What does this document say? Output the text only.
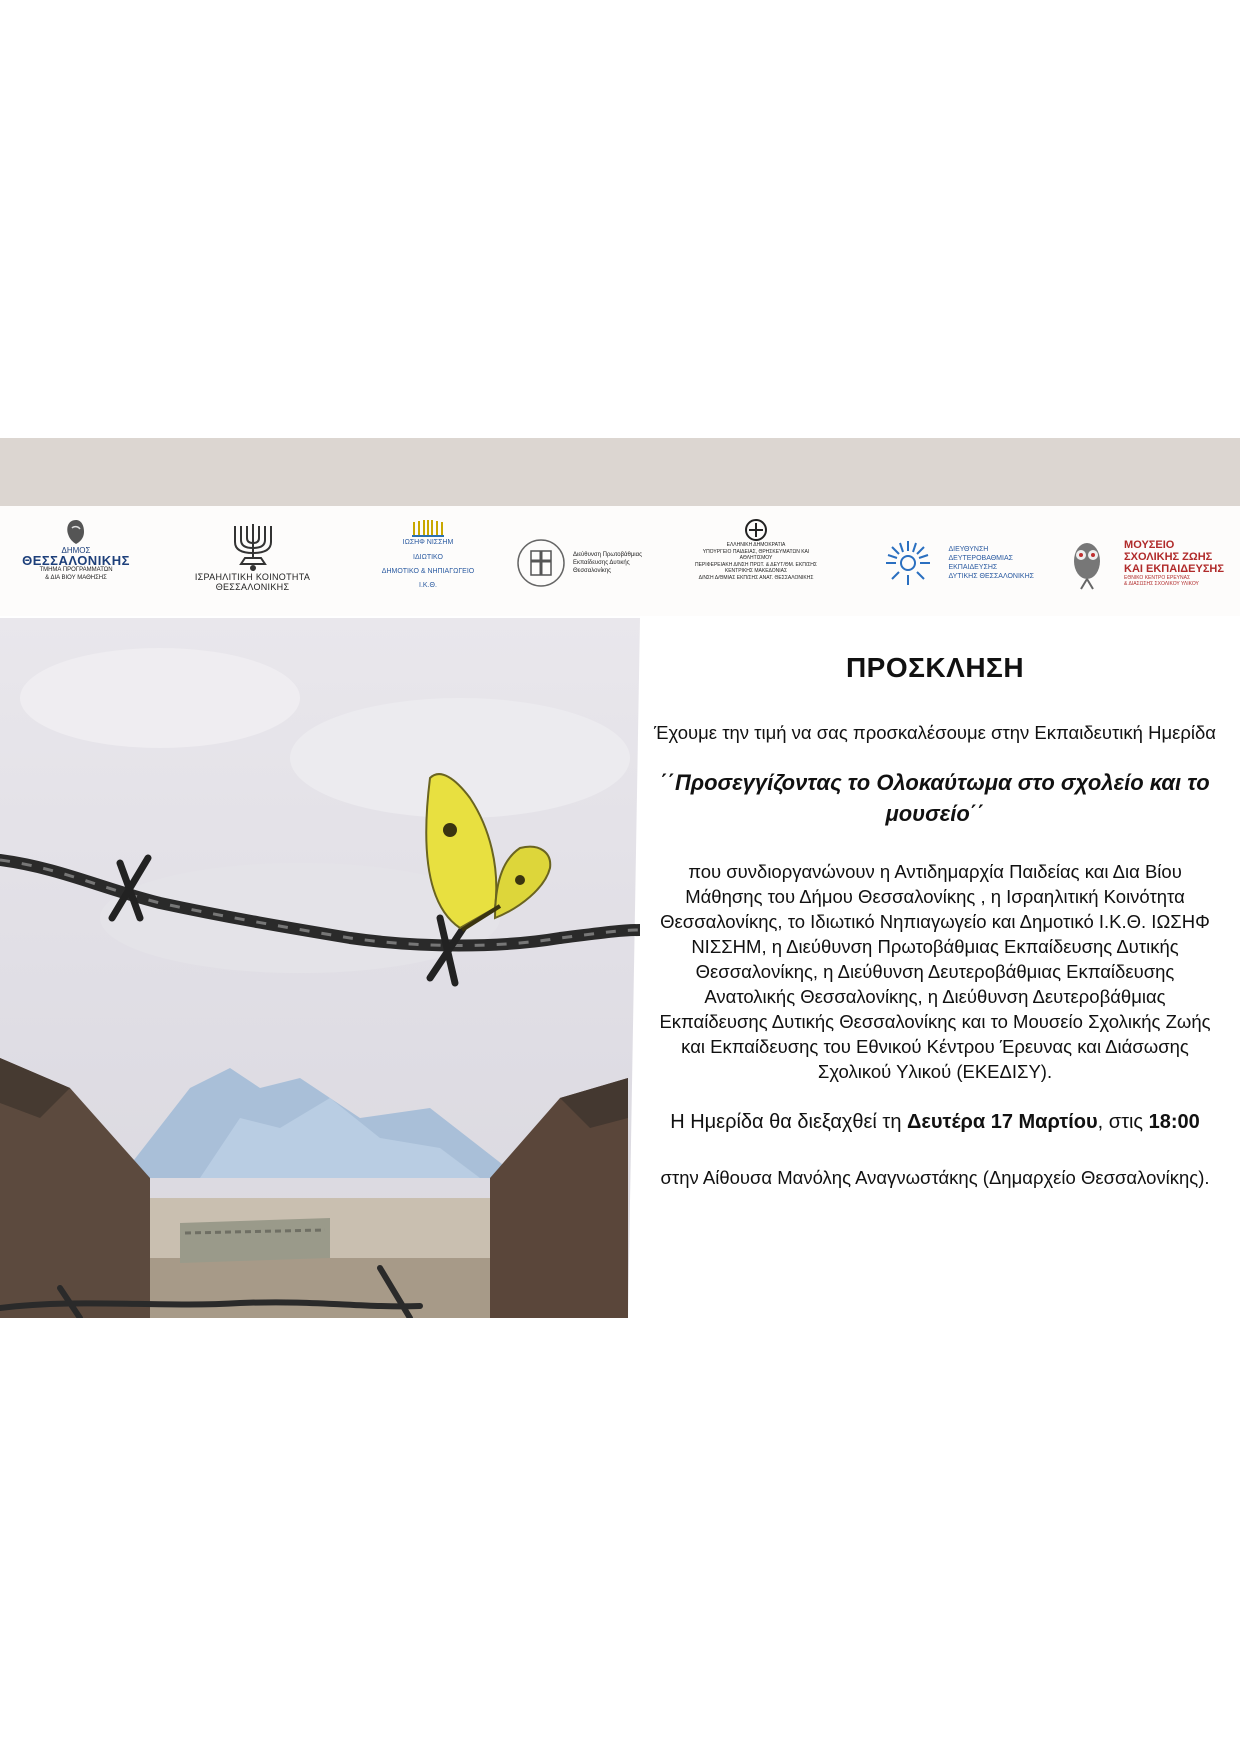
ΔΗΜΟΣ
ΘΕΣΣΑΛΟΝΙΚΗΣ
ΤΜΗΜΑ ΠΡΟΓΡΑΜΜΑΤΩΝ
& ΔΙΑ ΒΙΟΥ ΜΑΘΗΣΗΣ	ΙΣΡΑΗΛΙΤΙΚΗ ΚΟΙΝΟΤΗΤΑ ΘΕΣΣΑΛΟΝΙΚΗΣ
ΙΩΣΗΦ ΝΙΣΣΗΜ
ΙΔΙΩΤΙΚΟ
ΔΗΜΟΤΙΚΟ & ΝΗΠΙΑΓΩΓΕΙΟ
Ι.Κ.Θ.
Διεύθυνση Πρωτοβάθμιας
Εκπαίδευσης Δυτικής
Θεσσαλονίκης
ΕΛΛΗΝΙΚΗ ΔΗΜΟΚΡΑΤΙΑ
ΥΠΟΥΡΓΕΙΟ ΠΑΙΔΕΙΑΣ, ΘΡΗΣΚΕΥΜΑΤΩΝ ΚΑΙ ΑΘΛΗΤΙΣΜΟΥ
ΠΕΡΙΦΕΡΕΙΑΚΗ Δ/ΝΣΗ ΠΡΩΤ. & ΔΕΥΤ/ΘΜ. ΕΚΠ/ΣΗΣ
ΚΕΝΤΡΙΚΗΣ ΜΑΚΕΔΟΝΙΑΣ
Δ/ΝΣΗ Δ/ΘΜΙΑΣ ΕΚΠ/ΣΗΣ ΑΝΑΤ. ΘΕΣΣΑΛΟΝΙΚΗΣ
ΔΙΕΥΘΥΝΣΗ
ΔΕΥΤΕΡΟΒΑΘΜΙΑΣ
ΕΚΠΑΙΔΕΥΣΗΣ
ΔΥΤΙΚΗΣ ΘΕΣΣΑΛΟΝΙΚΗΣ
ΜΟΥΣΕΙΟ
ΣΧΟΛΙΚΗΣ ΖΩΗΣ
ΚΑΙ ΕΚΠΑΙΔΕΥΣΗΣ
ΕΘΝΙΚΟ ΚΕΝΤΡΟ ΕΡΕΥΝΑΣ
& ΔΙΑΣΩΣΗΣ ΣΧΟΛΙΚΟΥ ΥΛΙΚΟΥ
ΠΡΟΣΚΛΗΣΗ
Έχουμε την τιμή να σας προσκαλέσουμε στην Εκπαιδευτική Ημερίδα
΄΄Προσεγγίζοντας το Ολοκαύτωμα στο σχολείο και το μουσείο΄΄
που συνδιοργανώνουν η Αντιδημαρχία Παιδείας και Δια Βίου Μάθησης του Δήμου Θεσσαλονίκης , η Ισραηλιτική Κοινότητα Θεσσαλονίκης, το Ιδιωτικό Νηπιαγωγείο και Δημοτικό Ι.Κ.Θ. ΙΩΣΗΦ ΝΙΣΣΗΜ, η Διεύθυνση Πρωτοβάθμιας Εκπαίδευσης Δυτικής Θεσσαλονίκης, η Διεύθυνση Δευτεροβάθμιας Εκπαίδευσης Ανατολικής Θεσσαλονίκης, η Διεύθυνση Δευτεροβάθμιας Εκπαίδευσης Δυτικής Θεσσαλονίκης και το Μουσείο Σχολικής Ζωής και Εκπαίδευσης του Εθνικού Κέντρου Έρευνας και Διάσωσης Σχολικού Υλικού (ΕΚΕΔΙΣΥ).
Η Ημερίδα θα διεξαχθεί τη Δευτέρα 17 Μαρτίου, στις 18:00
στην Αίθουσα Μανόλης Αναγνωστάκης (Δημαρχείο Θεσσαλονίκης).
